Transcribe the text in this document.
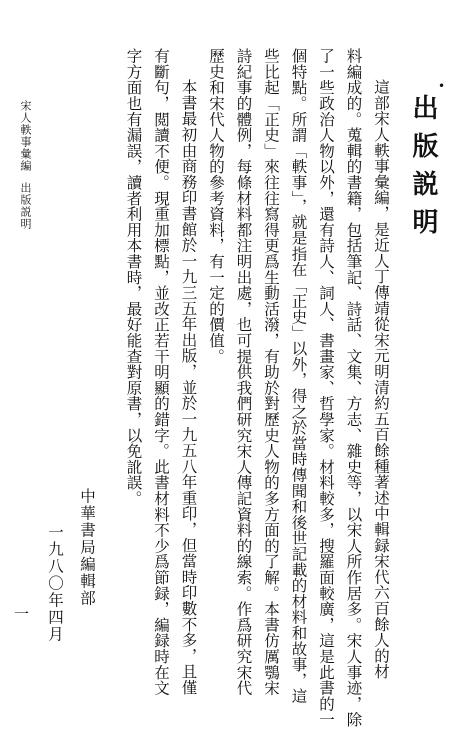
•
出版説明

這部宋人軼事彙編，是近人丁傳靖從宋元明清約五百餘種著述中輯録宋代六百餘人的材
料編成的。蒐輯的書籍，包括筆記、詩話、文集、方志、雜史等，以宋人所作居多。宋人事迹，除
了一些政治人物以外，還有詩人、詞人、書畫家、哲學家。材料較多，搜羅面較廣，這是此書的一
個特點。所謂「軼事」，就是指在「正史」以外，得之於當時傳聞和後世記載的材料和故事，這
些比起「正史」來往往寫得更爲生動活潑，有助於對歷史人物的多方面的了解。本書仿厲鶚宋
詩紀事的體例，每條材料都注明出處，也可提供我們研究宋人傳記資料的線索。作爲研究宋代
歷史和宋代人物的參考資料，有一定的價值。

本書最初由商務印書館於一九三五年出版，並於一九五八年重印，但當時印數不多，且僅
有斷句，閲讀不便。現重加標點，並改正若干明顯的錯字。此書材料不少爲節録，編録時在文
字方面也有漏誤，讀者利用本書時，最好能查對原書，以免訛誤。

中華書局編輯部
一九八〇年四月
宋人軼事彙編
出版説明
一
